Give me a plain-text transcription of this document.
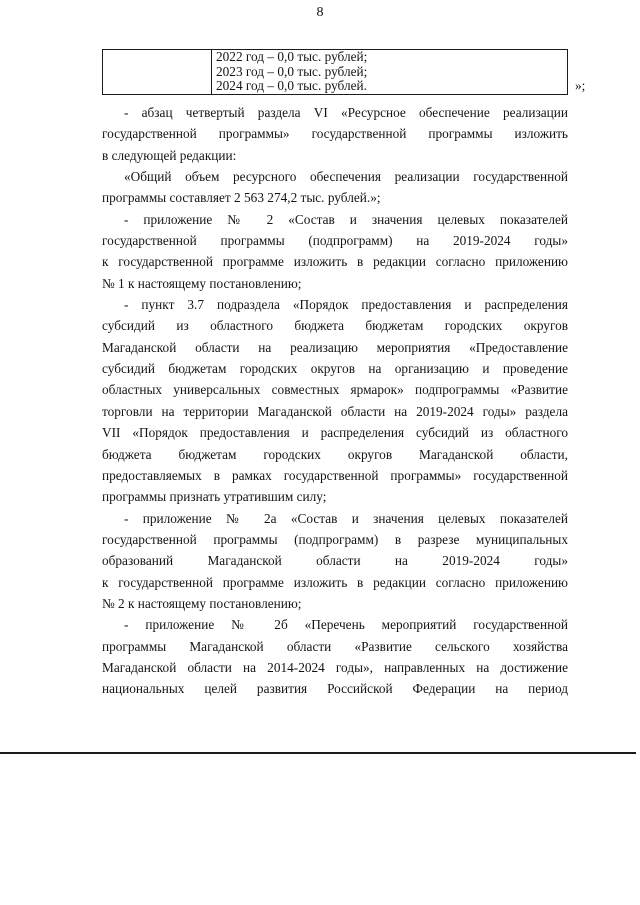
8

2022 год – 0,0 тыс. рублей;
2023 год – 0,0 тыс. рублей;
2024 год – 0,0 тыс. рублей.	»;

- абзац четвертый раздела VI «Ресурсное обеспечение реализации
государственной программы» государственной программы изложить
в следующей редакции:

«Общий объем ресурсного обеспечения реализации государственной
программы составляет 2 563 274,2 тыс. рублей.»;

- приложение № 2 «Состав и значения целевых показателей
государственной программы (подпрограмм) на 2019-2024 годы»
к государственной программе изложить в редакции согласно приложению
№ 1 к настоящему постановлению;

- пункт 3.7 подраздела «Порядок предоставления и распределения
субсидий из областного бюджета бюджетам городских округов
Магаданской области на реализацию мероприятия «Предоставление
субсидий бюджетам городских округов на организацию и проведение
областных универсальных совместных ярмарок» подпрограммы «Развитие
торговли на территории Магаданской области на 2019-2024 годы» раздела
VII «Порядок предоставления и распределения субсидий из областного
бюджета бюджетам городских округов Магаданской области,
предоставляемых в рамках государственной программы» государственной
программы признать утратившим силу;

- приложение № 2а «Состав и значения целевых показателей
государственной программы (подпрограмм) в разрезе муниципальных
образований Магаданской области на 2019-2024 годы»
к государственной программе изложить в редакции согласно приложению
№ 2 к настоящему постановлению;

- приложение № 2б «Перечень мероприятий государственной
программы Магаданской области «Развитие сельского хозяйства
Магаданской области на 2014-2024 годы», направленных на достижение
национальных целей развития Российской Федерации на период
